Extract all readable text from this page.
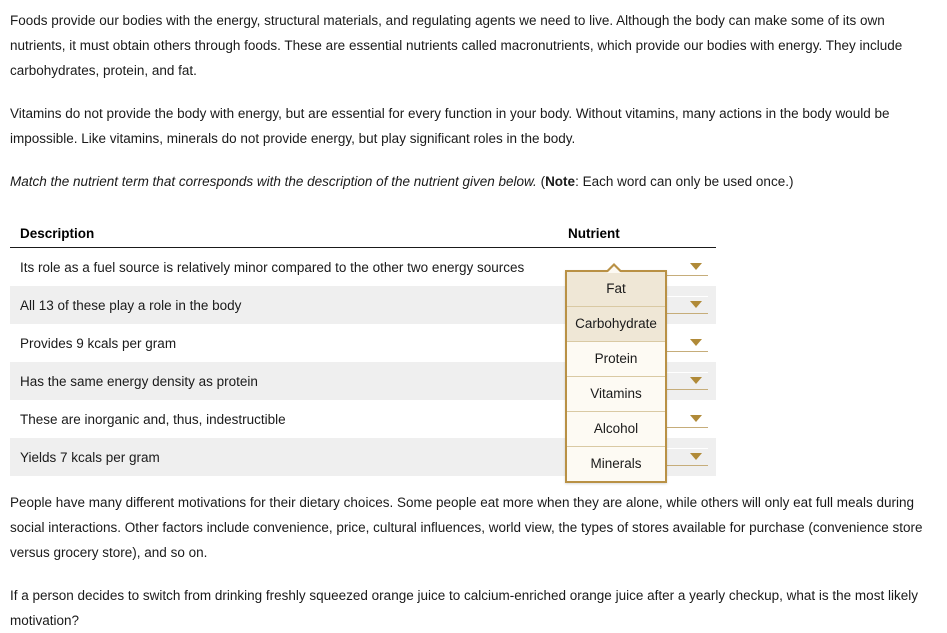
Foods provide our bodies with the energy, structural materials, and regulating agents we need to live. Although the body can make some of its own nutrients, it must obtain others through foods. These are essential nutrients called macronutrients, which provide our bodies with energy. They include carbohydrates, protein, and fat.

Vitamins do not provide the body with energy, but are essential for every function in your body. Without vitamins, many actions in the body would be impossible. Like vitamins, minerals do not provide energy, but play significant roles in the body.

Match the nutrient term that corresponds with the description of the nutrient given below. (Note: Each word can only be used once.)

Description	Nutrient
Its role as a fuel source is relatively minor compared to the other two energy sources	

All 13 of these play a role in the body	

Provides 9 kcals per gram	

Has the same energy density as protein	

These are inorganic and, thus, indestructible	

Yields 7 kcals per gram	

People have many different motivations for their dietary choices. Some people eat more when they are alone, while others will only eat full meals during social interactions. Other factors include convenience, price, cultural influences, world view, the types of stores available for purchase (convenience store versus grocery store), and so on.

If a person decides to switch from drinking freshly squeezed orange juice to calcium-enriched orange juice after a yearly checkup, what is the most likely motivation?

Fat
Carbohydrate
Protein
Vitamins
Alcohol
Minerals
